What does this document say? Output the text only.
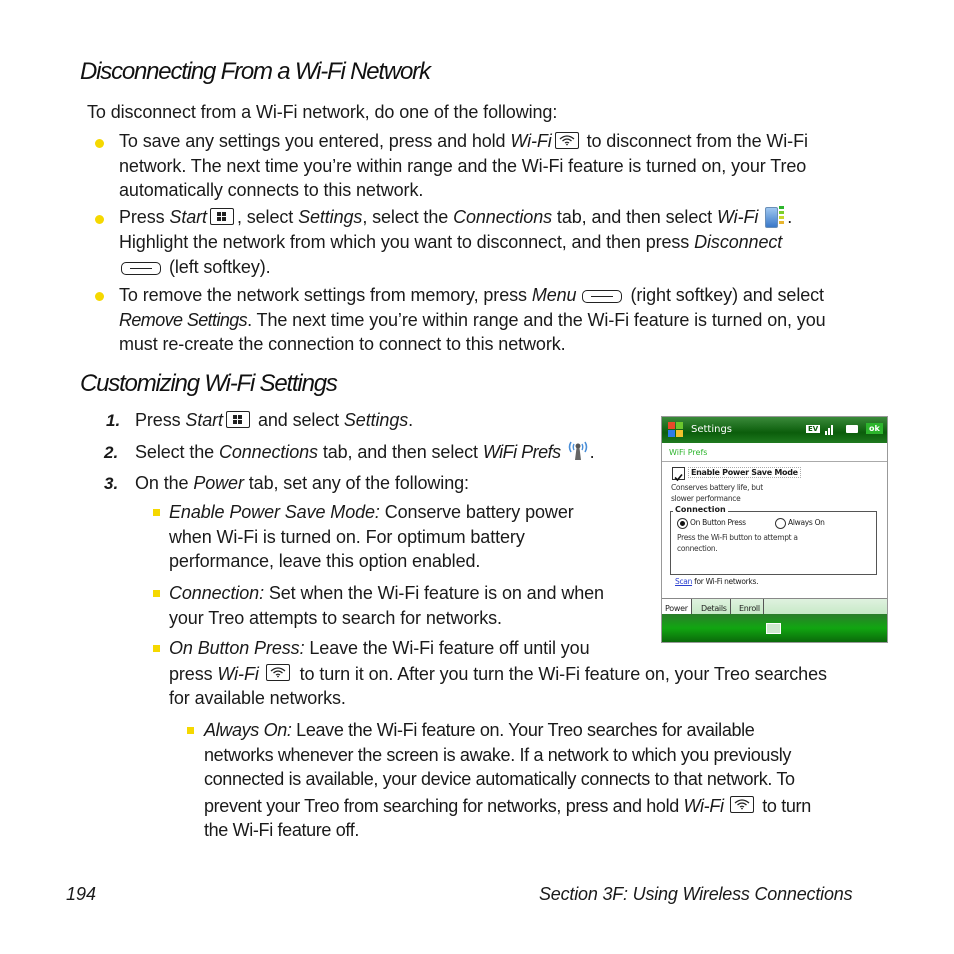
Disconnecting From a Wi-Fi Network
To disconnect from a Wi-Fi network, do one of the following:
To save any settings you entered, press and hold Wi-Fi
to disconnect from the Wi-Fi
network. The next time you’re within range and the Wi-Fi feature is turned on, your Treo
automatically connects to this network.
Press Start , select Settings, select the Connections tab, and then select Wi-Fi .
Highlight the network from which you want to disconnect, and then press Disconnect
(left softkey).
To remove the network settings from memory, press Menu	(right softkey) and select
Remove Settings. The next time you’re within range and the Wi-Fi feature is turned on, you
must re-create the connection to connect to this network.
Customizing Wi-Fi Settings
1. Press Start and select Settings.
2. Select the Connections tab, and then select WiFi Prefs .
3. On the Power tab, set any of the following:
Enable Power Save Mode: Conserve battery power
when Wi-Fi is turned on. For optimum battery
performance, leave this option enabled.
Connection: Set when the Wi-Fi feature is on and when
your Treo attempts to search for networks.
On Button Press: Leave the Wi-Fi feature off until you
press Wi-Fi
to turn it on. After you turn the Wi-Fi feature on, your Treo searches
for available networks.
Always On: Leave the Wi-Fi feature on. Your Treo searches for available
networks whenever the screen is awake. If a network to which you previously
connected is available, your device automatically connects to that network. To
prevent your Treo from searching for networks, press and hold Wi-Fi
to turn
the Wi-Fi feature off.
Settings	EV	ok
WiFi Prefs
Enable Power Save Mode
Conserves battery life, but
slower performance
Connection
On Button Press	Always On
Press the Wi-Fi button to attempt a
connection.
Scan for Wi-Fi networks.
Power	Details	Enroll
194	Section 3F: Using Wireless Connections
